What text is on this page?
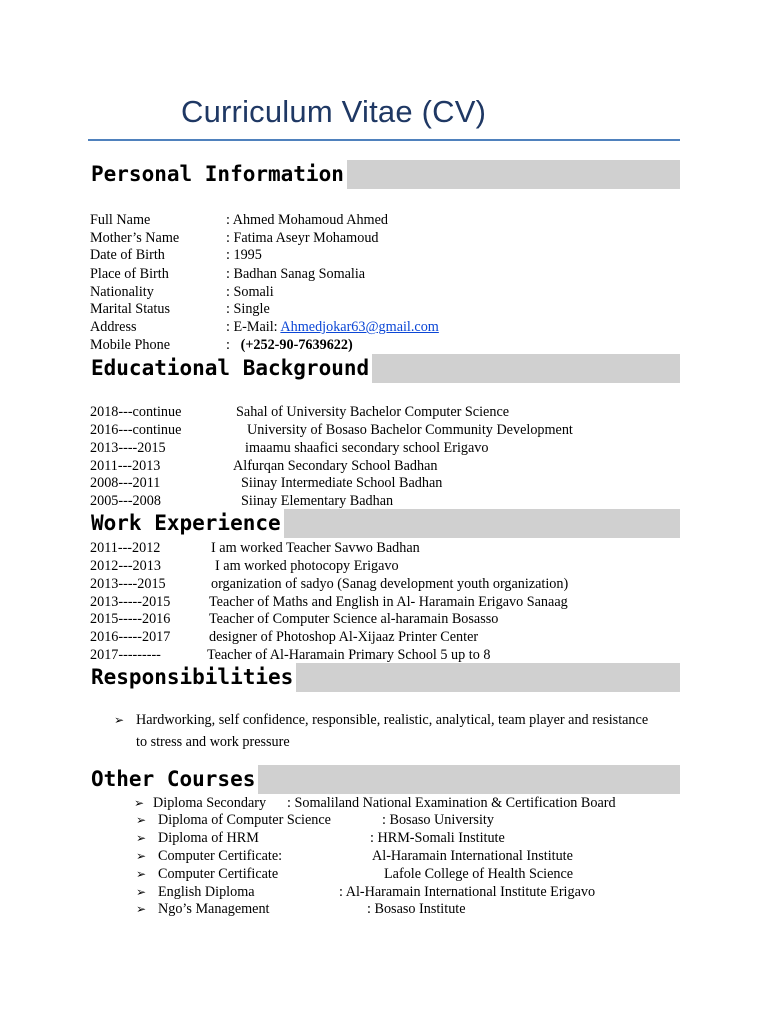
Curriculum Vitae (CV)
Personal Information
Full Name	: Ahmed Mohamoud Ahmed
Mother’s Name	: Fatima Aseyr Mohamoud
Date of Birth	: 1995
Place of Birth	: Badhan Sanag Somalia
Nationality	: Somali
Marital Status	: Single
Address	: E-Mail: Ahmedjokar63@gmail.com
Mobile Phone	:   (+252-90-7639622)
Educational Background
2018---continue	Sahal of University Bachelor Computer Science
2016---continue	University of Bosaso Bachelor Community Development
2013----2015	imaamu shaafici secondary school Erigavo
2011---2013	Alfurqan Secondary School Badhan
2008---2011	Siinay Intermediate School Badhan
2005---2008	Siinay Elementary Badhan
Work Experience
2011---2012	I am worked Teacher Savwo Badhan
2012---2013	I am worked photocopy Erigavo
2013----2015	organization of sadyo (Sanag development youth organization)
2013-----2015	Teacher of Maths and English in Al- Haramain Erigavo Sanaag
2015-----2016	Teacher of Computer Science al-haramain Bosasso
2016-----2017	designer of Photoshop Al-Xijaaz Printer Center
2017---------	Teacher of Al-Haramain Primary School 5 up to 8
Responsibilities
➢ Hardworking, self confidence, responsible, realistic, analytical, team player and resistance
to stress and work pressure
Other Courses
➢ Diploma Secondary : Somaliland National Examination & Certification Board
➢ Diploma of Computer Science	: Bosaso University
➢ Diploma of HRM	: HRM-Somali Institute
➢ Computer Certificate:	Al-Haramain International Institute
➢ Computer Certificate	Lafole College of Health Science
➢ English Diploma	: Al-Haramain International Institute Erigavo
➢ Ngo’s Management	: Bosaso Institute
